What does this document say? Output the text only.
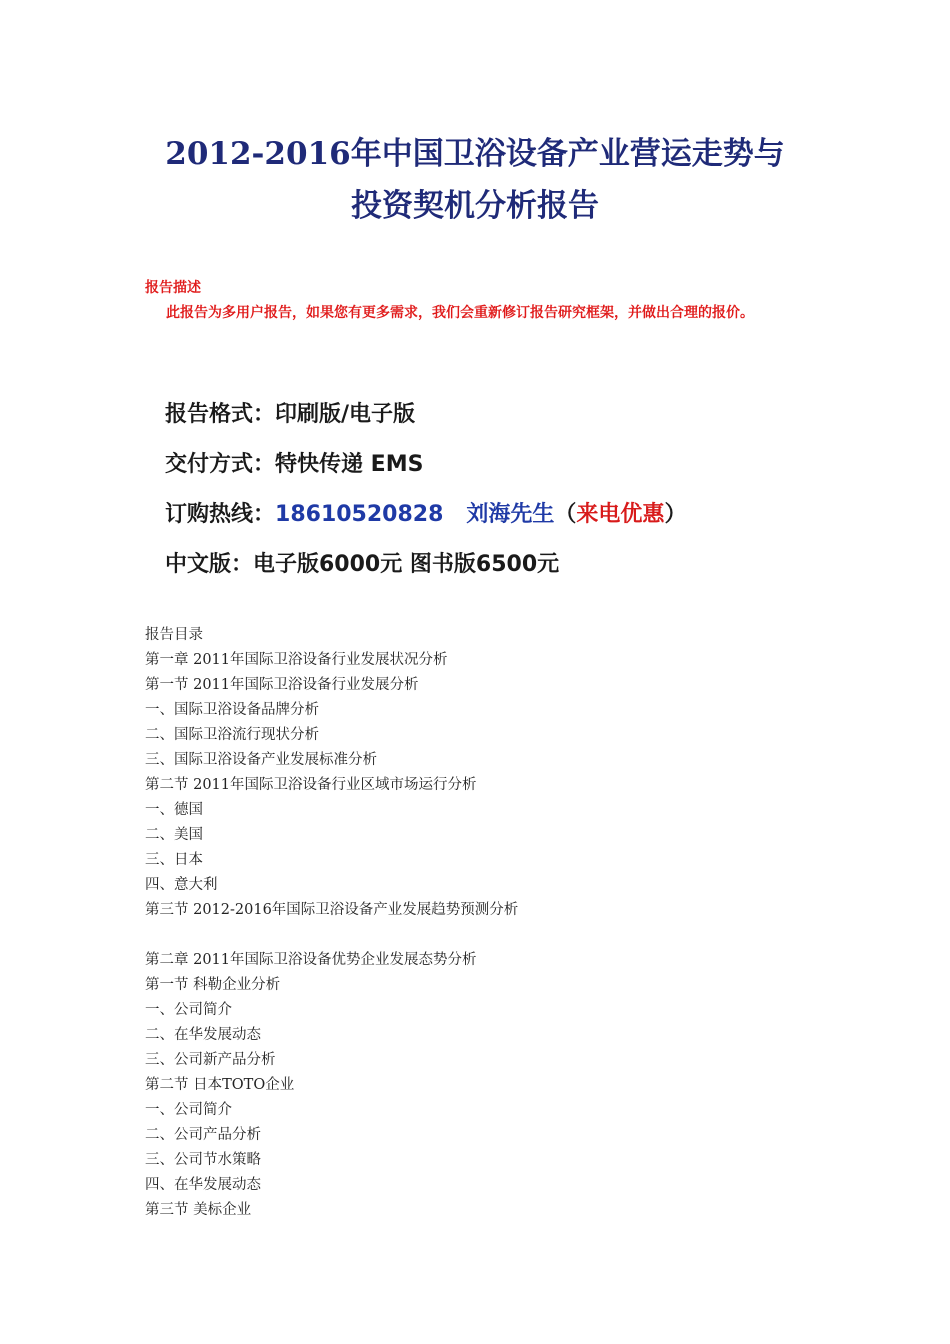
2012-2016年中国卫浴设备产业营运走势与
投资契机分析报告
报告描述
此报告为多用户报告，如果您有更多需求，我们会重新修订报告研究框架，并做出合理的报价。
报告格式：印刷版/电子版
交付方式：特快传递 EMS
订购热线：18610520828 刘海先生（来电优惠）
中文版：电子版6000元 图书版6500元
报告目录
第一章 2011年国际卫浴设备行业发展状况分析
第一节 2011年国际卫浴设备行业发展分析
一、国际卫浴设备品牌分析
二、国际卫浴流行现状分析
三、国际卫浴设备产业发展标准分析
第二节 2011年国际卫浴设备行业区域市场运行分析
一、德国
二、美国
三、日本
四、意大利
第三节 2012-2016年国际卫浴设备产业发展趋势预测分析
第二章 2011年国际卫浴设备优势企业发展态势分析
第一节 科勒企业分析
一、公司简介
二、在华发展动态
三、公司新产品分析
第二节 日本TOTO企业
一、公司简介
二、公司产品分析
三、公司节水策略
四、在华发展动态
第三节 美标企业
